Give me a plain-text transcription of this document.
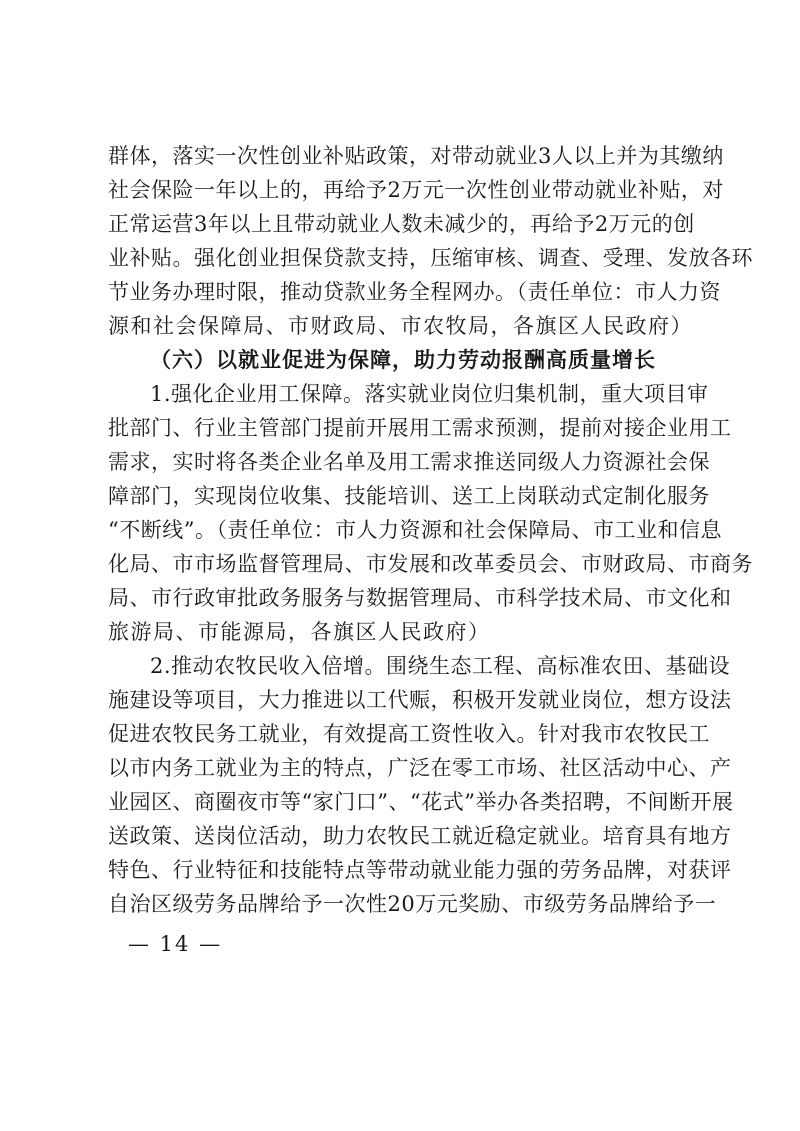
群体，落实一次性创业补贴政策，对带动就业3人以上并为其缴纳
社会保险一年以上的，再给予2万元一次性创业带动就业补贴，对
正常运营3年以上且带动就业人数未减少的，再给予2万元的创
业补贴。强化创业担保贷款支持，压缩审核、调查、受理、发放各环
节业务办理时限，推动贷款业务全程网办。（责任单位：市人力资
源和社会保障局、市财政局、市农牧局，各旗区人民政府）
（六）以就业促进为保障，助力劳动报酬高质量增长
1.强化企业用工保障。落实就业岗位归集机制，重大项目审
批部门、行业主管部门提前开展用工需求预测，提前对接企业用工
需求，实时将各类企业名单及用工需求推送同级人力资源社会保
障部门，实现岗位收集、技能培训、送工上岗联动式定制化服务
“不断线”。（责任单位：市人力资源和社会保障局、市工业和信息
化局、市市场监督管理局、市发展和改革委员会、市财政局、市商务
局、市行政审批政务服务与数据管理局、市科学技术局、市文化和
旅游局、市能源局，各旗区人民政府）
2.推动农牧民收入倍增。围绕生态工程、高标准农田、基础设
施建设等项目，大力推进以工代赈，积极开发就业岗位，想方设法
促进农牧民务工就业，有效提高工资性收入。针对我市农牧民工
以市内务工就业为主的特点，广泛在零工市场、社区活动中心、产
业园区、商圈夜市等“家门口”、“花式”举办各类招聘，不间断开展
送政策、送岗位活动，助力农牧民工就近稳定就业。培育具有地方
特色、行业特征和技能特点等带动就业能力强的劳务品牌，对获评
自治区级劳务品牌给予一次性20万元奖励、市级劳务品牌给予一
— 14 —
